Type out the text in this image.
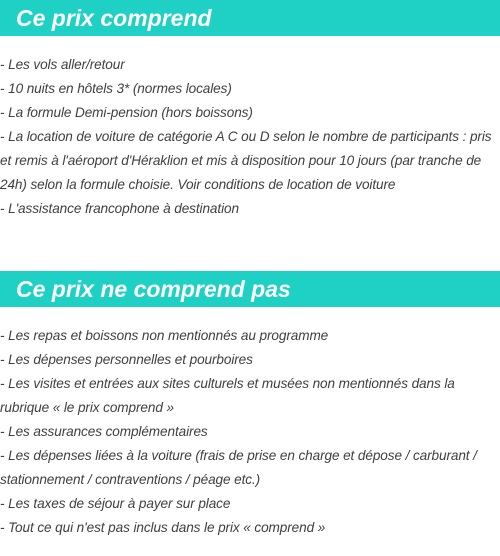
Ce prix comprend
- Les vols aller/retour
- 10 nuits en hôtels 3* (normes locales)
- La formule Demi-pension (hors boissons)
- La location de voiture de catégorie A C ou D selon le nombre de participants : pris et remis à l'aéroport d'Héraklion et mis à disposition pour 10 jours (par tranche de 24h) selon la formule choisie. Voir conditions de location de voiture
- L'assistance francophone à destination
Ce prix ne comprend pas
- Les repas et boissons non mentionnés au programme
- Les dépenses personnelles et pourboires
- Les visites et entrées aux sites culturels et musées non mentionnés dans la rubrique « le prix comprend »
- Les assurances complémentaires
- Les dépenses liées à la voiture (frais de prise en charge et dépose / carburant / stationnement / contraventions / péage etc.)
- Les taxes de séjour à payer sur place
- Tout ce qui n'est pas inclus dans le prix « comprend »
